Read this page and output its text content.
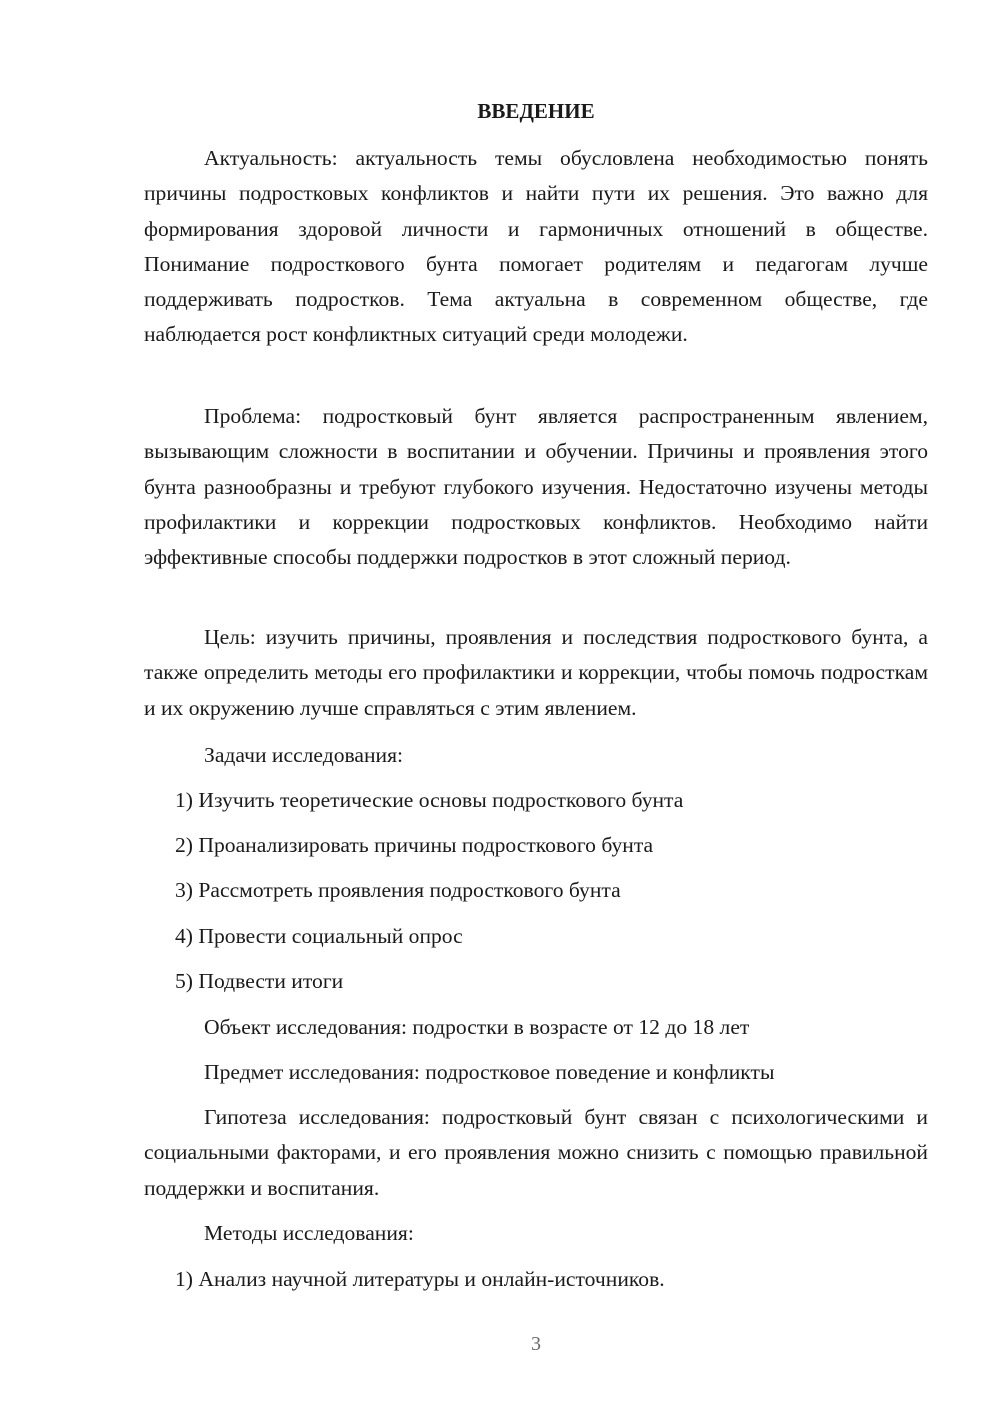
ВВЕДЕНИЕ

Актуальность: актуальность темы обусловлена необходимостью понять причины подростковых конфликтов и найти пути их решения. Это важно для формирования здоровой личности и гармоничных отношений в обществе. Понимание подросткового бунта помогает родителям и педагогам лучше поддерживать подростков. Тема актуальна в современном обществе, где наблюдается рост конфликтных ситуаций среди молодежи.

Проблема: подростковый бунт является распространенным явлением, вызывающим сложности в воспитании и обучении. Причины и проявления этого бунта разнообразны и требуют глубокого изучения. Недостаточно изучены методы профилактики и коррекции подростковых конфликтов. Необходимо найти эффективные способы поддержки подростков в этот сложный период.

Цель: изучить причины, проявления и последствия подросткового бунта, а также определить методы его профилактики и коррекции, чтобы помочь подросткам и их окружению лучше справляться с этим явлением.

Задачи исследования:
1) Изучить теоретические основы подросткового бунта
2) Проанализировать причины подросткового бунта
3) Рассмотреть проявления подросткового бунта
4) Провести социальный опрос
5) Подвести итоги
Объект исследования: подростки в возрасте от 12 до 18 лет
Предмет исследования: подростковое поведение и конфликты

Гипотеза исследования: подростковый бунт связан с психологическими и социальными факторами, и его проявления можно снизить с помощью правильной поддержки и воспитания.

Методы исследования:
1) Анализ научной литературы и онлайн-источников.
3
